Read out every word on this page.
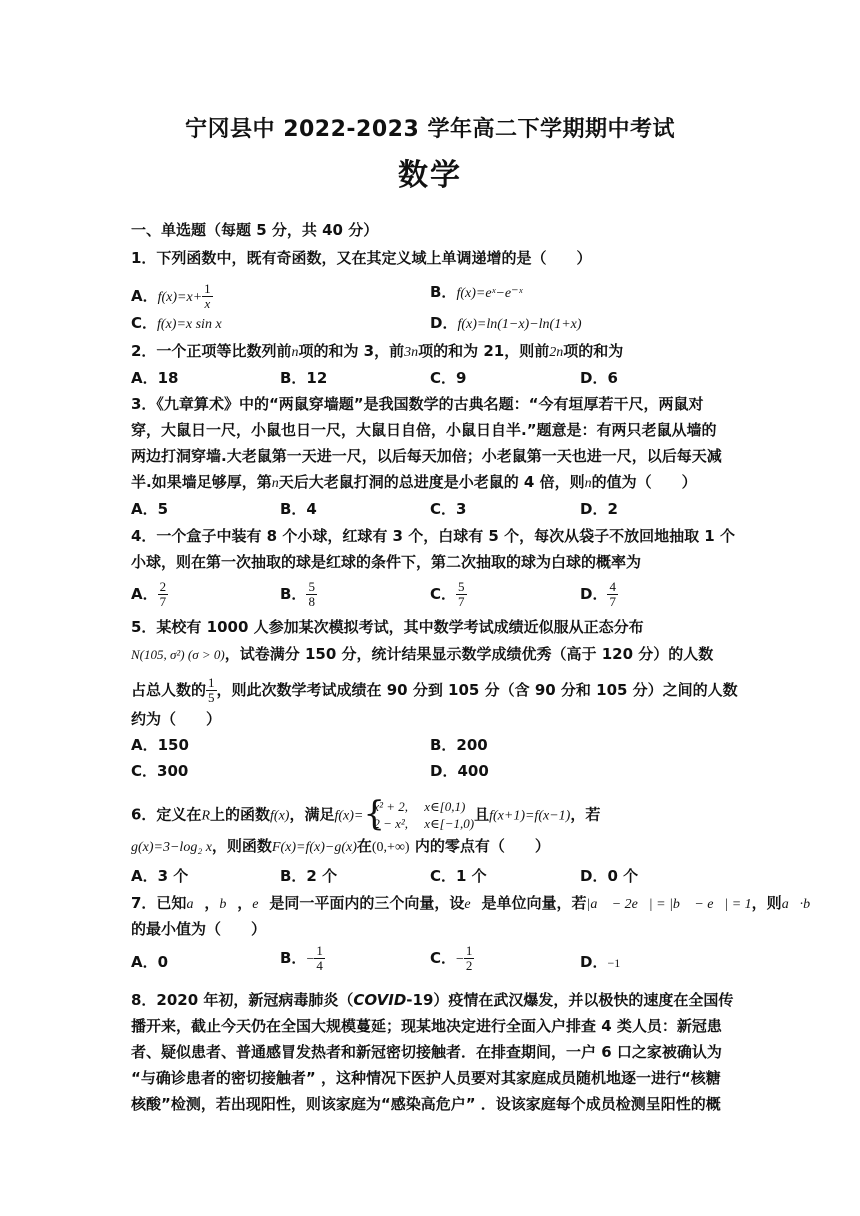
宁冈县中 2022-2023 学年高二下学期期中考试
数学
一、单选题（每题 5 分，共 40 分）
1．下列函数中，既有奇函数，又在其定义域上单调递增的是（　　）
A．$f(x)=x+ \frac{1}{x}$	B．f(x)=eˣ−e⁻ˣ
C．f(x)=x sin x	D．f(x)=ln(1−x)−ln(1+x)
2．一个正项等比数列前n项的和为 3，前3n项的和为 21，则前2n项的和为
A．18	B．12	C．9	D．6
3．《九章算术》中的“两鼠穿墙题”是我国数学的古典名题：“今有垣厚若干尺，两鼠对
穿，大鼠日一尺，小鼠也日一尺，大鼠日自倍，小鼠日自半.”题意是：有两只老鼠从墙的
两边打洞穿墙.大老鼠第一天进一尺，以后每天加倍；小老鼠第一天也进一尺，以后每天减
半.如果墙足够厚，第n天后大老鼠打洞的总进度是小老鼠的 4 倍，则n的值为（　　）
A．5	B．4	C．3	D．2
4．一个盒子中装有 8 个小球，红球有 3 个，白球有 5 个，每次从袋子不放回地抽取 1 个
小球，则在第一次抽取的球是红球的条件下，第二次抽取的球为白球的概率为
A． $\frac{2}{7}$	B． $\frac{5}{8}$	C． $\frac{5}{7}$	D． $\frac{4}{7}$
5．某校有 1000 人参加某次模拟考试，其中数学考试成绩近似服从正态分布
N(105, σ²) (σ > 0)，试卷满分 150 分，统计结果显示数学成绩优秀（高于 120 分）的人数
占总人数的 $\frac{1}{5}$ ，则此次数学考试成绩在 90 分到 105 分（含 90 分和 105 分）之间的人数
约为（　　）
A．150	B．200
C．300	D．400
6．定义在R上的函数f(x)，满足f(x)= {
x² + 2,　 x∈[0,1)
2 − x²,　 x∈[−1,0) 且f(x+1)=f(x−1)，若
g(x)=3−log₂ x，则函数F(x)=f(x)−g(x)在(0,+∞) 内的零点有（　　）
A．3 个	B．2 个	C．1 个	D．0 个
7．已知a⃗，b⃗，e⃗是同一平面内的三个向量，设e⃗是单位向量，若|a⃗ − 2e⃗| = |b⃗ − e⃗| = 1，则a⃗·b⃗
的最小值为（　　）
A．0	B．− $\frac{1}{4}$	C．− $\frac{1}{2}$	D．−1
8．2020 年初，新冠病毒肺炎（COVID-19）疫情在武汉爆发，并以极快的速度在全国传
播开来，截止今天仍在全国大规模蔓延；现某地决定进行全面入户排查 4 类人员：新冠患
者、疑似患者、普通感冒发热者和新冠密切接触者．在排查期间，一户 6 口之家被确认为
“与确诊患者的密切接触者” ，这种情况下医护人员要对其家庭成员随机地逐一进行“核糖
核酸”检测，若出现阳性，则该家庭为“感染高危户” ．设该家庭每个成员检测呈阳性的概
